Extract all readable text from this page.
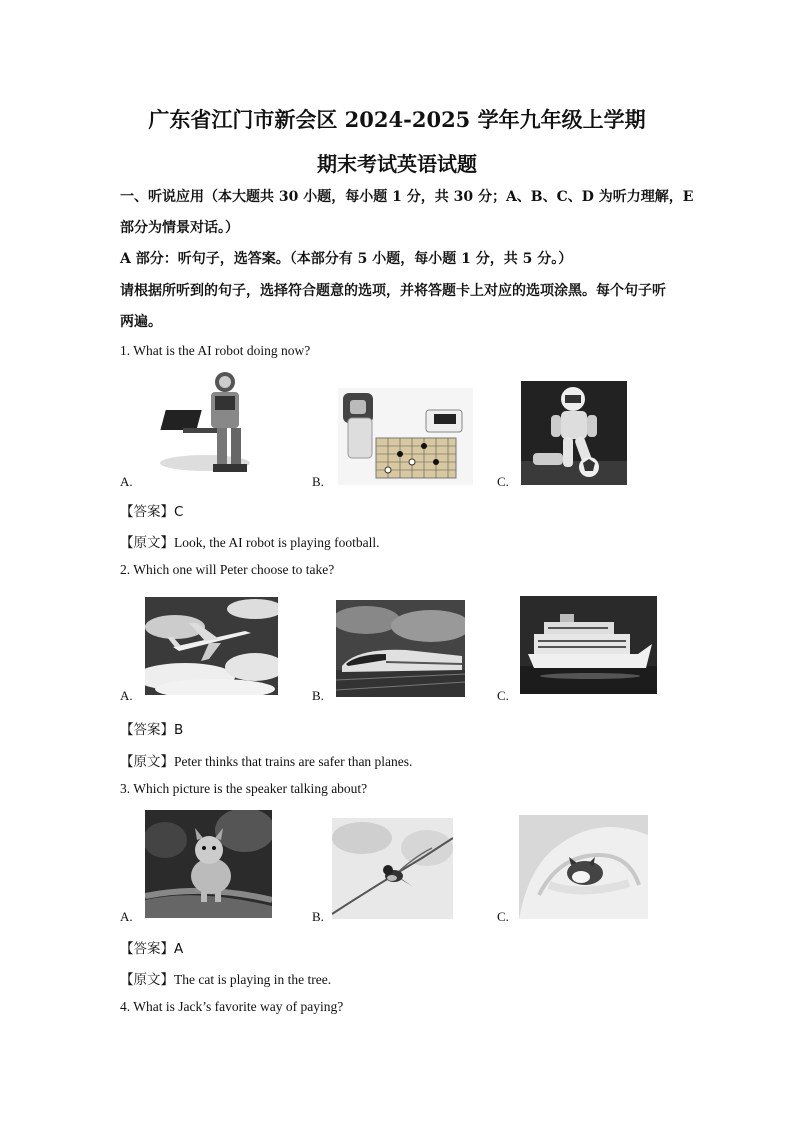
广东省江门市新会区 2024-2025 学年九年级上学期
期末考试英语试题
一、听说应用（本大题共 30 小题，每小题 1 分，共 30 分；A、B、C、D 为听力理解，E
部分为情景对话。）
A 部分：听句子，选答案。（本部分有 5 小题，每小题 1 分，共 5 分。）
请根据所听到的句子，选择符合题意的选项，并将答题卡上对应的选项涂黑。每个句子听
两遍。
1. What is the AI robot doing now?
A.	B.	C.
【答案】C
【原文】Look, the AI robot is playing football.
2. Which one will Peter choose to take?
A.	B.	C.
【答案】B
【原文】Peter thinks that trains are safer than planes.
3. Which picture is the speaker talking about?
A.	B.	C.
【答案】A
【原文】The cat is playing in the tree.
4. What is Jack’s favorite way of paying?
